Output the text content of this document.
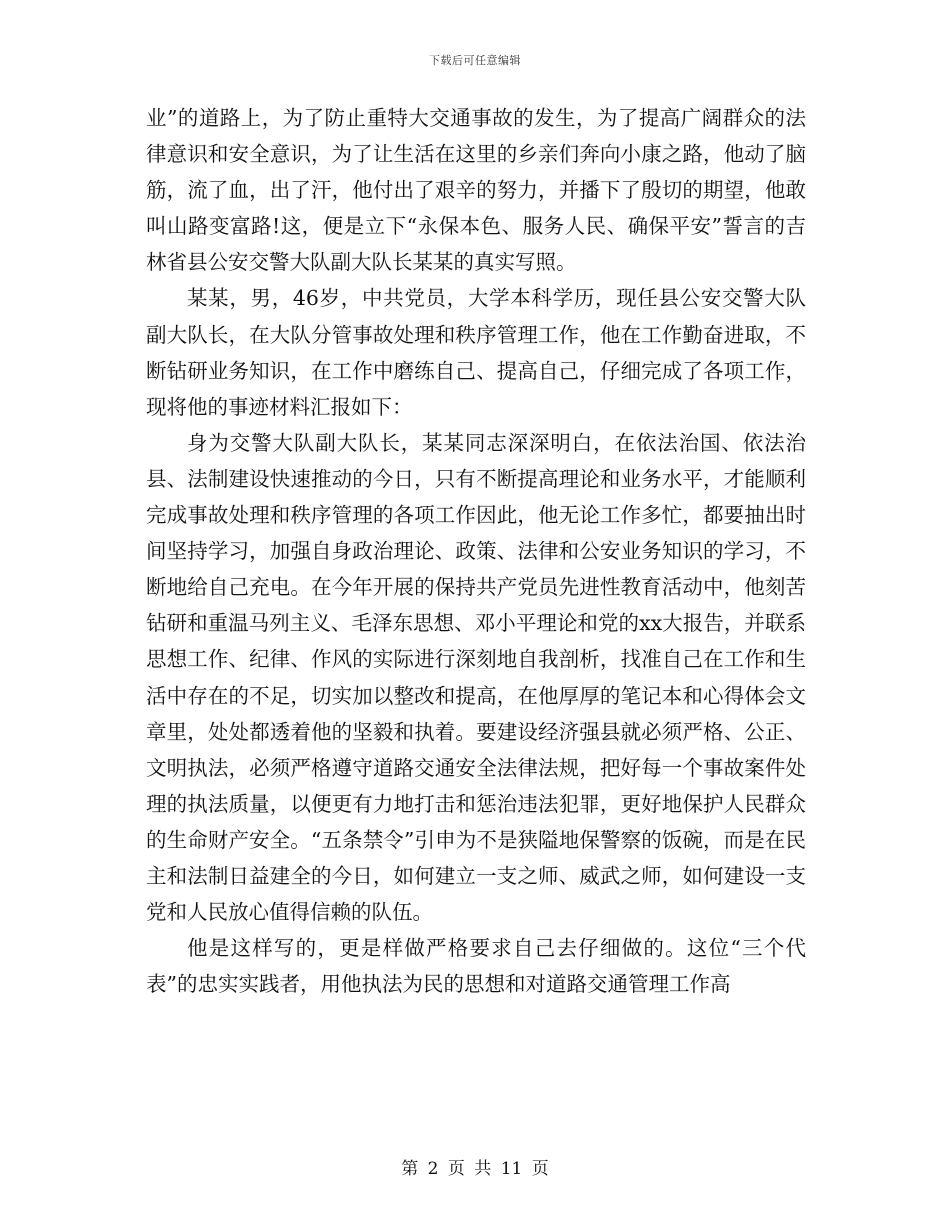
下载后可任意编辑

业”的道路上，为了防止重特大交通事故的发生，为了提高广阔群众的法律意识和安全意识，为了让生活在这里的乡亲们奔向小康之路，他动了脑筋，流了血，出了汗，他付出了艰辛的努力，并播下了殷切的期望，他敢叫山路变富路!这，便是立下“永保本色、服务人民、确保平安”誓言的吉林省县公安交警大队副大队长某某的真实写照。

某某，男，46岁，中共党员，大学本科学历，现任县公安交警大队副大队长，在大队分管事故处理和秩序管理工作，他在工作勤奋进取，不断钻研业务知识，在工作中磨练自己、提高自己，仔细完成了各项工作，现将他的事迹材料汇报如下：

身为交警大队副大队长，某某同志深深明白，在依法治国、依法治县、法制建设快速推动的今日，只有不断提高理论和业务水平，才能顺利完成事故处理和秩序管理的各项工作因此，他无论工作多忙，都要抽出时间坚持学习，加强自身政治理论、政策、法律和公安业务知识的学习，不断地给自己充电。在今年开展的保持共产党员先进性教育活动中，他刻苦钻研和重温马列主义、毛泽东思想、邓小平理论和党的xx大报告，并联系思想工作、纪律、作风的实际进行深刻地自我剖析，找准自己在工作和生活中存在的不足，切实加以整改和提高，在他厚厚的笔记本和心得体会文章里，处处都透着他的坚毅和执着。要建设经济强县就必须严格、公正、文明执法，必须严格遵守道路交通安全法律法规，把好每一个事故案件处理的执法质量，以便更有力地打击和惩治违法犯罪，更好地保护人民群众的生命财产安全。“五条禁令”引申为不是狭隘地保警察的饭碗，而是在民主和法制日益建全的今日，如何建立一支之师、威武之师，如何建设一支党和人民放心值得信赖的队伍。

他是这样写的，更是样做严格要求自己去仔细做的。这位“三个代表”的忠实实践者，用他执法为民的思想和对道路交通管理工作高

第 2 页 共 11 页
